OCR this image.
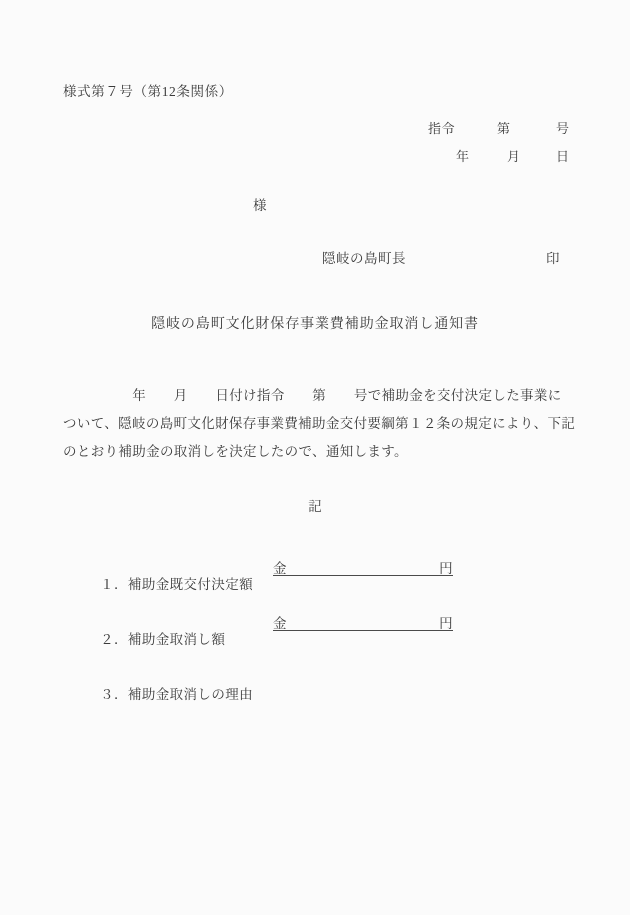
様式第７号（第12条関係）
指令	第	号
年	月	日
様
隠岐の島町長	印
隠岐の島町文化財保存事業費補助金取消し通知書
　　　　　年　　月　　日付け指令　　第　　号で補助金を交付決定した事業に
ついて、隠岐の島町文化財保存事業費補助金交付要綱第１２条の規定により、下記
のとおり補助金の取消しを決定したので、通知します。
記

１．補助金既交付決定額

金

	円

２．補助金取消し額

金

	円

３．補助金取消しの理由
